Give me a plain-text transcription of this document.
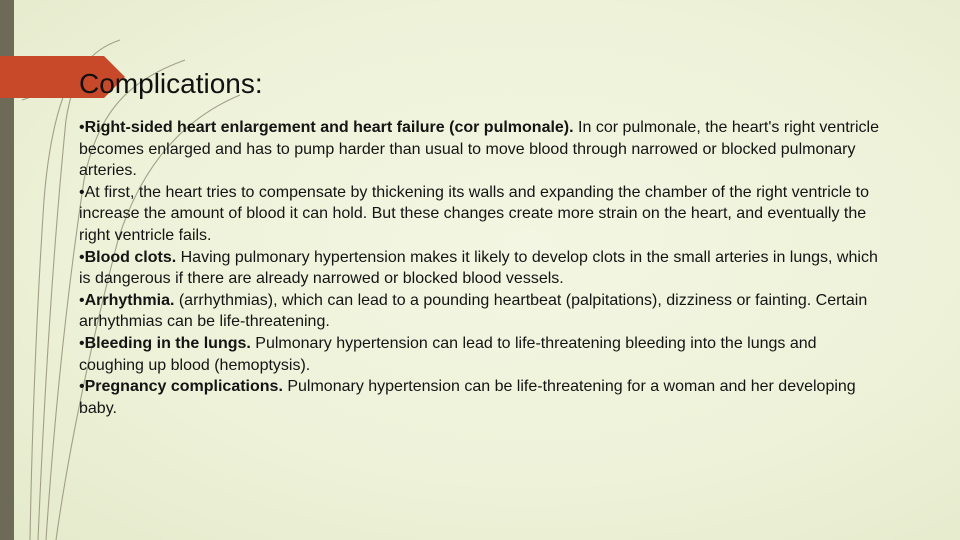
Complications:

•Right-sided heart enlargement and heart failure (cor pulmonale). In cor pulmonale, the heart's right ventricle becomes enlarged and has to pump harder than usual to move blood through narrowed or blocked pulmonary arteries.

•At first, the heart tries to compensate by thickening its walls and expanding the chamber of the right ventricle to increase the amount of blood it can hold. But these changes create more strain on the heart, and eventually the right ventricle fails.

•Blood clots. Having pulmonary hypertension makes it likely to develop clots in the small arteries in lungs, which is dangerous if there are already narrowed or blocked blood vessels.

•Arrhythmia. (arrhythmias), which can lead to a pounding heartbeat (palpitations), dizziness or fainting. Certain arrhythmias can be life-threatening.

•Bleeding in the lungs. Pulmonary hypertension can lead to life-threatening bleeding into the lungs and coughing up blood (hemoptysis).

•Pregnancy complications. Pulmonary hypertension can be life-threatening for a woman and her developing baby.
